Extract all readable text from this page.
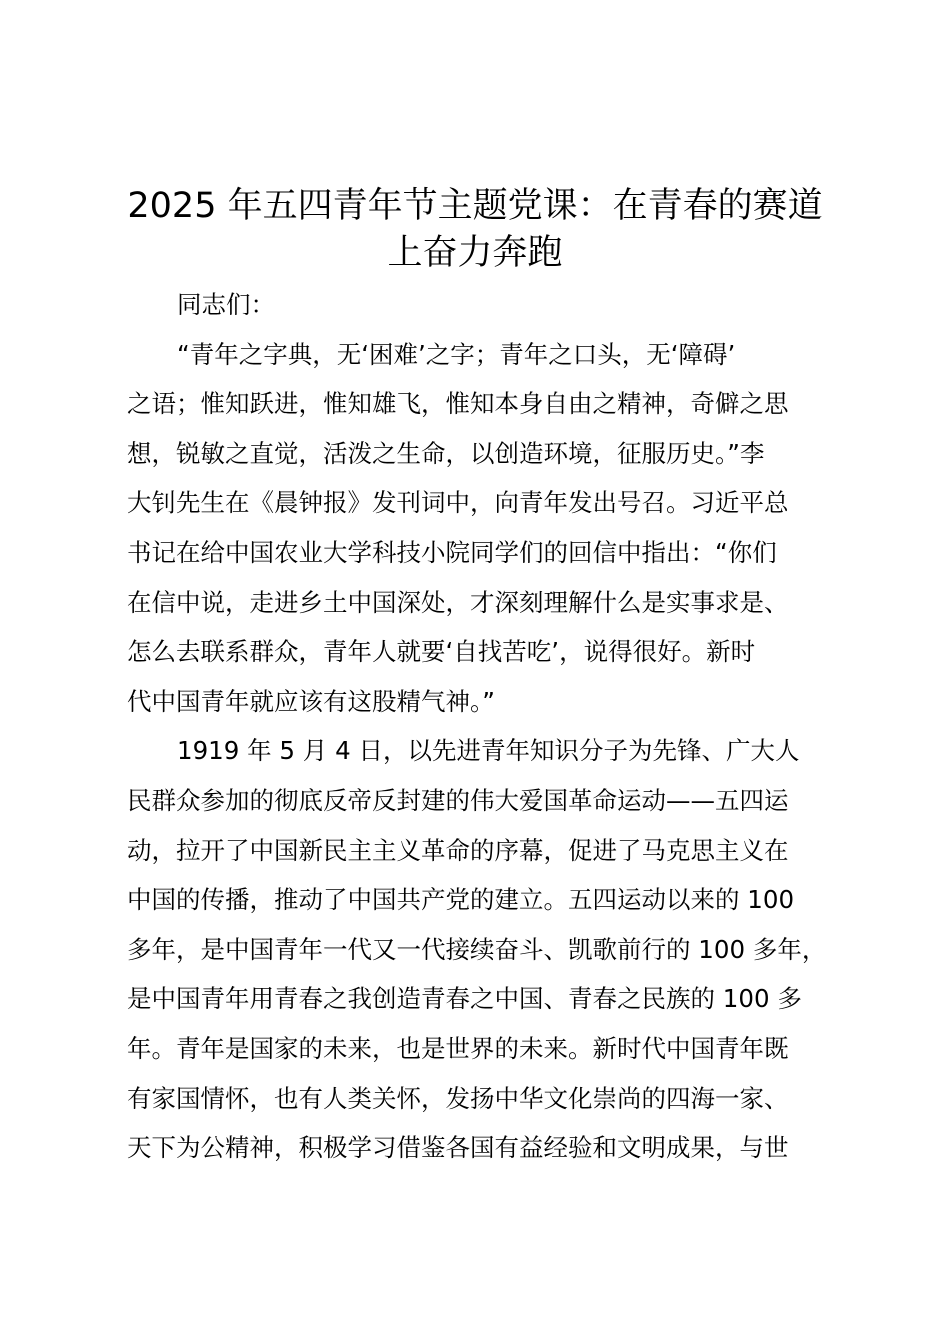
2025 年五四青年节主题党课：在青春的赛道
上奋力奔跑
同志们：
“青年之字典，无‘困难’之字；青年之口头，无‘障碍’
之语；惟知跃进，惟知雄飞，惟知本身自由之精神，奇僻之思
想，锐敏之直觉，活泼之生命，以创造环境，征服历史。”李
大钊先生在《晨钟报》发刊词中，向青年发出号召。习近平总
书记在给中国农业大学科技小院同学们的回信中指出：“你们
在信中说，走进乡土中国深处，才深刻理解什么是实事求是、
怎么去联系群众，青年人就要‘自找苦吃’，说得很好。新时
代中国青年就应该有这股精气神。”
1919 年 5 月 4 日，以先进青年知识分子为先锋、广大人
民群众参加的彻底反帝反封建的伟大爱国革命运动——五四运
动，拉开了中国新民主主义革命的序幕，促进了马克思主义在
中国的传播，推动了中国共产党的建立。五四运动以来的 100
多年，是中国青年一代又一代接续奋斗、凯歌前行的 100 多年，
是中国青年用青春之我创造青春之中国、青春之民族的 100 多
年。青年是国家的未来，也是世界的未来。新时代中国青年既
有家国情怀，也有人类关怀，发扬中华文化崇尚的四海一家、
天下为公精神，积极学习借鉴各国有益经验和文明成果，与世
